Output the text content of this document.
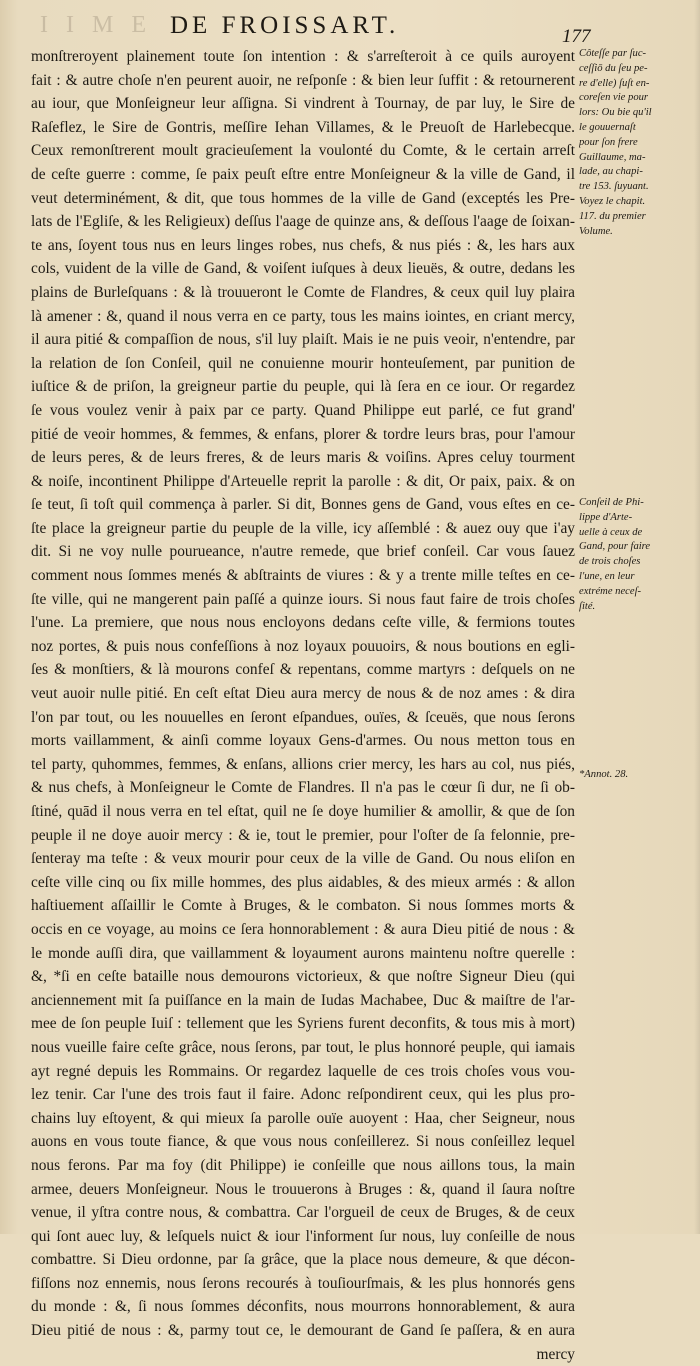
I I M E DE FROISSART.	177
monſtreroyent plainement toute ſon intention : & s'arreſteroit à ce quils auroyent
fait : & autre choſe n'en peurent auoir, ne reſponſe : & bien leur ſuffit : & retournerent
au iour, que Monſeigneur leur aſſigna. Si vindrent à Tournay, de par luy, le Sire de
Raſeflez, le Sire de Gontris, meſſire Iehan Villames, & le Preuoſt de Harlebecque.
Ceux remonſtrerent moult gracieuſement la voulonté du Comte, & le certain arreſt
de ceſte guerre : comme, ſe paix peuſt eſtre entre Monſeigneur & la ville de Gand, il
veut determinément, & dit, que tous hommes de la ville de Gand (exceptés les Pre-
lats de l'Egliſe, & les Religieux) deſſus l'aage de quinze ans, & deſſous l'aage de ſoixan-
te ans, ſoyent tous nus en leurs linges robes, nus chefs, & nus piés : &, les hars aux
cols, vuident de la ville de Gand, & voiſent iuſques à deux lieuës, & outre, dedans les
plains de Burleſquans : & là trouueront le Comte de Flandres, & ceux quil luy plaira
là amener : &, quand il nous verra en ce party, tous les mains iointes, en criant mercy,
il aura pitié & compaſſion de nous, s'il luy plaiſt. Mais ie ne puis veoir, n'entendre, par
la relation de ſon Conſeil, quil ne conuienne mourir honteuſement, par punition de
iuſtice & de priſon, la greigneur partie du peuple, qui là ſera en ce iour. Or regardez
ſe vous voulez venir à paix par ce party. Quand Philippe eut parlé, ce fut grand'
pitié de veoir hommes, & femmes, & enfans, plorer & tordre leurs bras, pour l'amour
de leurs peres, & de leurs freres, & de leurs maris & voiſins. Apres celuy tourment
& noiſe, incontinent Philippe d'Arteuelle reprit la parolle : & dit, Or paix, paix. & on
ſe teut, ſi toſt quil commença à parler. Si dit, Bonnes gens de Gand, vous eſtes en ce-
ſte place la greigneur partie du peuple de la ville, icy aſſemblé : & auez ouy que i'ay
dit. Si ne voy nulle pourueance, n'autre remede, que brief conſeil. Car vous ſauez
comment nous ſommes menés & abſtraints de viures : & y a trente mille teſtes en ce-
ſte ville, qui ne mangerent pain paſſé a quinze iours. Si nous faut faire de trois choſes
l'une. La premiere, que nous nous encloyons dedans ceſte ville, & fermions toutes
noz portes, & puis nous confeſſions à noz loyaux pouuoirs, & nous boutions en egli-
ſes & monſtiers, & là mourons confeſ & repentans, comme martyrs : deſquels on ne
veut auoir nulle pitié. En ceſt eſtat Dieu aura mercy de nous & de noz ames : & dira
l'on par tout, ou les nouuelles en ſeront eſpandues, ouïes, & ſceuës, que nous ſerons
morts vaillamment, & ainſi comme loyaux Gens-d'armes. Ou nous metton tous en
tel party, quhommes, femmes, & enſans, allions crier mercy, les hars au col, nus piés,
& nus chefs, à Monſeigneur le Comte de Flandres. Il n'a pas le cœur ſi dur, ne ſi ob-
ſtiné, quād il nous verra en tel eſtat, quil ne ſe doye humilier & amollir, & que de ſon
peuple il ne doye auoir mercy : & ie, tout le premier, pour l'oſter de ſa felonnie, pre-
ſenteray ma teſte : & veux mourir pour ceux de la ville de Gand. Ou nous eliſon en
ceſte ville cinq ou ſix mille hommes, des plus aidables, & des mieux armés : & allon
haſtiuement aſſaillir le Comte à Bruges, & le combaton. Si nous ſommes morts &
occis en ce voyage, au moins ce ſera honnorablement : & aura Dieu pitié de nous : &
le monde auſſi dira, que vaillamment & loyaument aurons maintenu noſtre querelle :
&, *ſi en ceſte bataille nous demourons victorieux, & que noſtre Signeur Dieu (qui
anciennement mit ſa puiſſance en la main de Iudas Machabee, Duc & maiſtre de l'ar-
mee de ſon peuple Iuiſ : tellement que les Syriens furent deconfits, & tous mis à mort)
nous vueille faire ceſte grâce, nous ſerons, par tout, le plus honnoré peuple, qui iamais
ayt regné depuis les Rommains. Or regardez laquelle de ces trois choſes vous vou-
lez tenir. Car l'une des trois faut il faire. Adonc reſpondirent ceux, qui les plus pro-
chains luy eſtoyent, & qui mieux ſa parolle ouïe auoyent : Haa, cher Seigneur, nous
auons en vous toute fiance, & que vous nous conſeillerez. Si nous conſeillez lequel
nous ferons. Par ma foy (dit Philippe) ie conſeille que nous aillons tous, la main
armee, deuers Monſeigneur. Nous le trouuerons à Bruges : &, quand il ſaura noſtre
venue, il yſtra contre nous, & combattra. Car l'orgueil de ceux de Bruges, & de ceux
qui ſont auec luy, & leſquels nuict & iour l'informent ſur nous, luy conſeille de nous
combattre. Si Dieu ordonne, par ſa grâce, que la place nous demeure, & que décon-
fiſſons noz ennemis, nous ſerons recourés à touſiourſmais, & les plus honnorés gens
du monde : &, ſi nous ſommes déconfits, nous mourrons honnorablement, & aura
Dieu pitié de nous : &, parmy tout ce, le demourant de Gand ſe paſſera, & en aura
mercy
Côteſſe par ſuc-
ceſſiō du ſeu pe-
re d'elle) ſuſt en-
coreſen vie pour
lors: Ou bie qu'il
le gouuernaſt
pour ſon frere
Guillaume, ma-
lade, au chapi-
tre 153. ſuyuant.
Voyez le chapit.
117. du premier
Volume.
Conſeil de Phi-
lippe d'Arte-
uelle à ceux de
Gand, pour faire
de trois choſes
l'une, en leur
extréme neceſ-
ſité.
*Annot. 28.
